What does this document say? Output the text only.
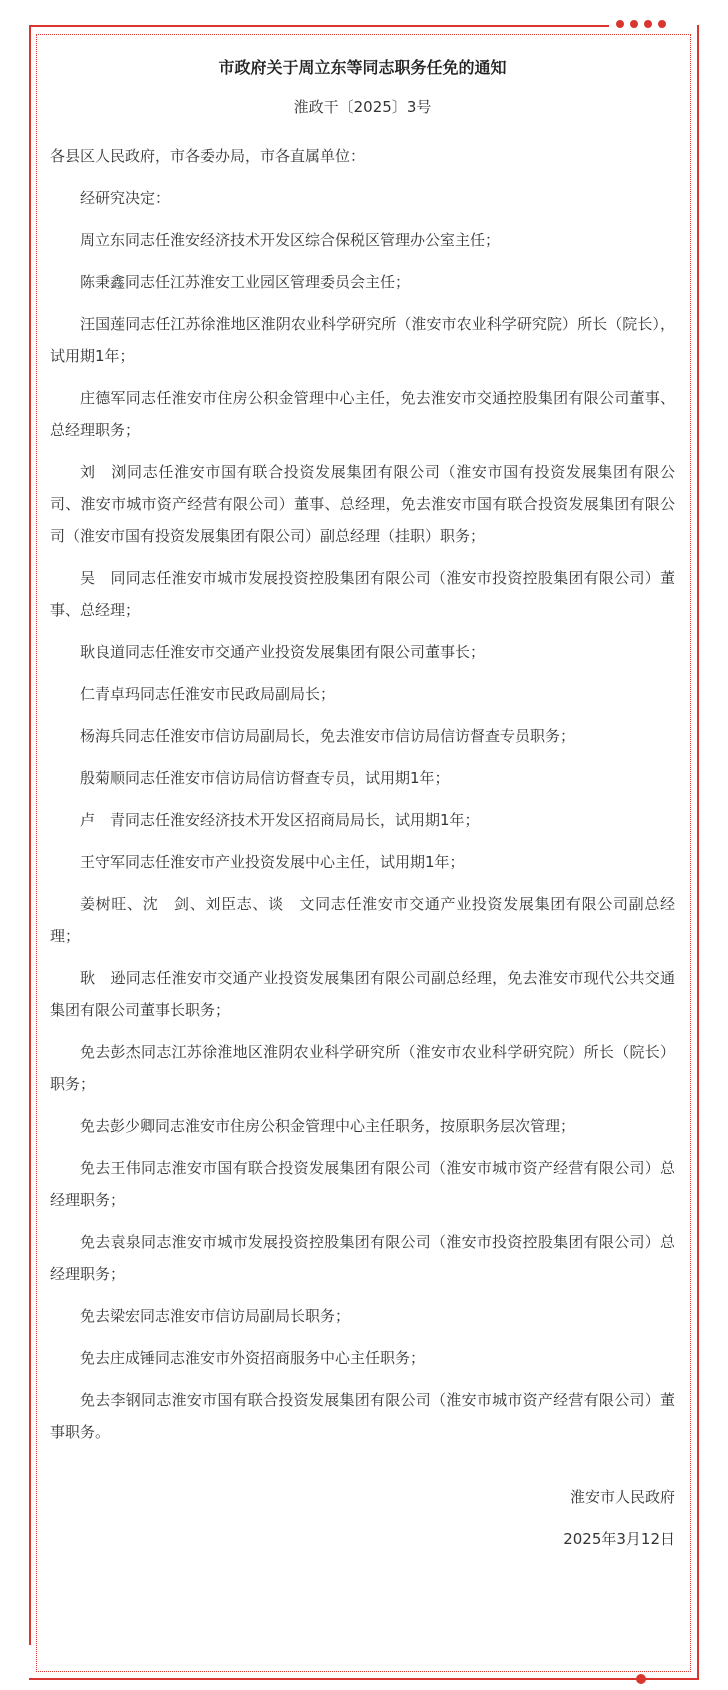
市政府关于周立东等同志职务任免的通知
淮政干〔2025〕3号
各县区人民政府，市各委办局，市各直属单位：
经研究决定：
周立东同志任淮安经济技术开发区综合保税区管理办公室主任；
陈秉鑫同志任江苏淮安工业园区管理委员会主任；
汪国莲同志任江苏徐淮地区淮阴农业科学研究所（淮安市农业科学研究院）所长（院长），试用期1年；
庄德军同志任淮安市住房公积金管理中心主任，免去淮安市交通控股集团有限公司董事、总经理职务；
刘　浏同志任淮安市国有联合投资发展集团有限公司（淮安市国有投资发展集团有限公司、淮安市城市资产经营有限公司）董事、总经理，免去淮安市国有联合投资发展集团有限公司（淮安市国有投资发展集团有限公司）副总经理（挂职）职务；
吴　同同志任淮安市城市发展投资控股集团有限公司（淮安市投资控股集团有限公司）董事、总经理；
耿良道同志任淮安市交通产业投资发展集团有限公司董事长；
仁青卓玛同志任淮安市民政局副局长；
杨海兵同志任淮安市信访局副局长，免去淮安市信访局信访督查专员职务；
殷菊顺同志任淮安市信访局信访督查专员，试用期1年；
卢　青同志任淮安经济技术开发区招商局局长，试用期1年；
王守军同志任淮安市产业投资发展中心主任，试用期1年；
姜树旺、沈　剑、刘臣志、谈　文同志任淮安市交通产业投资发展集团有限公司副总经理；
耿　逊同志任淮安市交通产业投资发展集团有限公司副总经理，免去淮安市现代公共交通集团有限公司董事长职务；
免去彭杰同志江苏徐淮地区淮阴农业科学研究所（淮安市农业科学研究院）所长（院长）职务；
免去彭少卿同志淮安市住房公积金管理中心主任职务，按原职务层次管理；
免去王伟同志淮安市国有联合投资发展集团有限公司（淮安市城市资产经营有限公司）总经理职务；
免去袁泉同志淮安市城市发展投资控股集团有限公司（淮安市投资控股集团有限公司）总经理职务；
免去梁宏同志淮安市信访局副局长职务；
免去庄成锤同志淮安市外资招商服务中心主任职务；
免去李钢同志淮安市国有联合投资发展集团有限公司（淮安市城市资产经营有限公司）董事职务。
淮安市人民政府
2025年3月12日
